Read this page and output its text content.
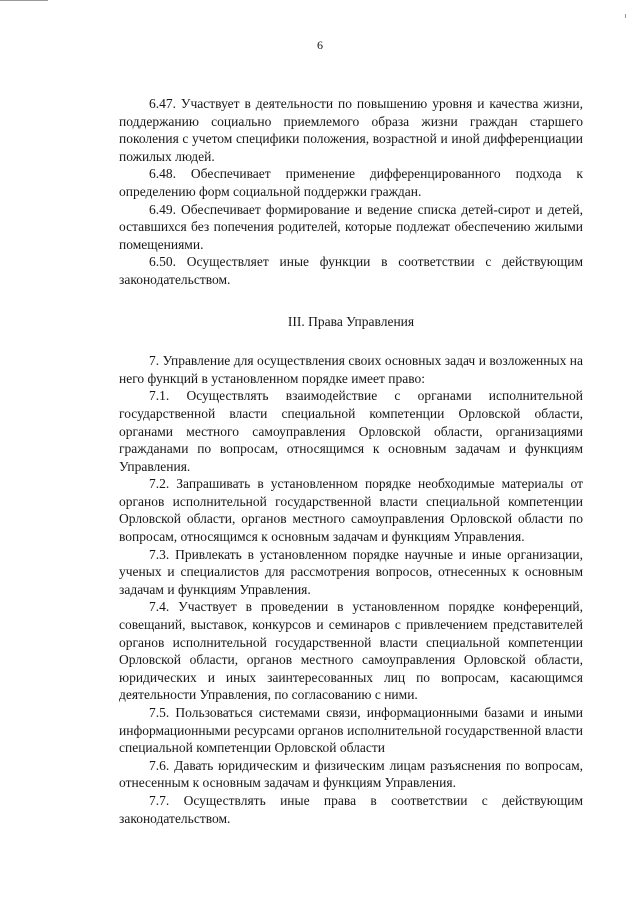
6

6.47. Участвует в деятельности по повышению уровня и качества жизни, поддержанию социально приемлемого образа жизни граждан старшего поколения с учетом специфики положения, возрастной и иной дифференциации пожилых людей.

6.48. Обеспечивает применение дифференцированного подхода к определению форм социальной поддержки граждан.

6.49. Обеспечивает формирование и ведение списка детей-сирот и детей, оставшихся без попечения родителей, которые подлежат обеспечению жилыми помещениями.

6.50. Осуществляет иные функции в соответствии с действующим законодательством.

III. Права Управления

7. Управление для осуществления своих основных задач и возложенных на него функций в установленном порядке имеет право:

7.1. Осуществлять взаимодействие с органами исполнительной государственной власти специальной компетенции Орловской области, органами местного самоуправления Орловской области, организациями гражданами по вопросам, относящимся к основным задачам и функциям Управления.

7.2. Запрашивать в установленном порядке необходимые материалы от органов исполнительной государственной власти специальной компетенции Орловской области, органов местного самоуправления Орловской области по вопросам, относящимся к основным задачам и функциям Управления.

7.3. Привлекать в установленном порядке научные и иные организации, ученых и специалистов для рассмотрения вопросов, отнесенных к основным задачам и функциям Управления.

7.4. Участвует в проведении в установленном порядке конференций, совещаний, выставок, конкурсов и семинаров с привлечением представителей органов исполнительной государственной власти специальной компетенции Орловской области, органов местного самоуправления Орловской области, юридических и иных заинтересованных лиц по вопросам, касающимся деятельности Управления, по согласованию с ними.

7.5. Пользоваться системами связи, информационными базами и иными информационными ресурсами органов исполнительной государственной власти специальной компетенции Орловской области

7.6. Давать юридическим и физическим лицам разъяснения по вопросам, отнесенным к основным задачам и функциям Управления.

7.7. Осуществлять иные права в соответствии с действующим законодательством.
